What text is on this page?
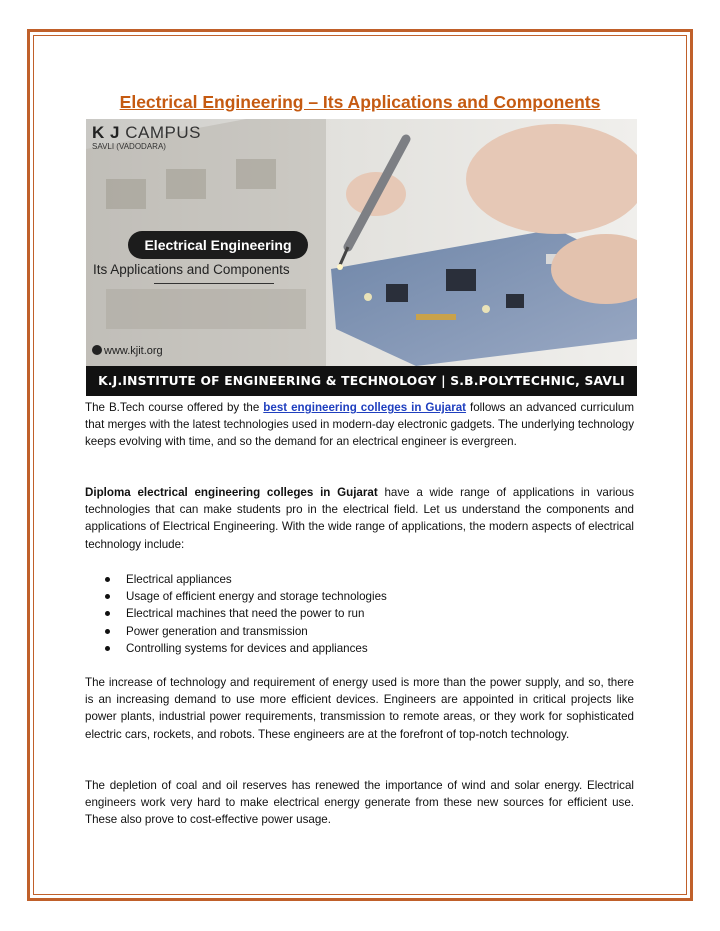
Electrical Engineering – Its Applications and Components
K J CAMPUS
SAVLI (VADODARA)
Electrical Engineering
Its Applications and Components
www.kjit.org
K.J.INSTITUTE OF ENGINEERING & TECHNOLOGY | S.B.POLYTECHNIC, SAVLI
The B.Tech course offered by the best engineering colleges in Gujarat follows an advanced curriculum that merges with the latest technologies used in modern-day electronic gadgets. The underlying technology keeps evolving with time, and so the demand for an electrical engineer is evergreen.
Diploma electrical engineering colleges in Gujarat have a wide range of applications in various technologies that can make students pro in the electrical field. Let us understand the components and applications of Electrical Engineering. With the wide range of applications, the modern aspects of electrical technology include:
Electrical appliances
Usage of efficient energy and storage technologies
Electrical machines that need the power to run
Power generation and transmission
Controlling systems for devices and appliances
The increase of technology and requirement of energy used is more than the power supply, and so, there is an increasing demand to use more efficient devices. Engineers are appointed in critical projects like power plants, industrial power requirements, transmission to remote areas, or they work for sophisticated electric cars, rockets, and robots. These engineers are at the forefront of top-notch technology.
The depletion of coal and oil reserves has renewed the importance of wind and solar energy. Electrical engineers work very hard to make electrical energy generate from these new sources for efficient use. These also prove to cost-effective power usage.
